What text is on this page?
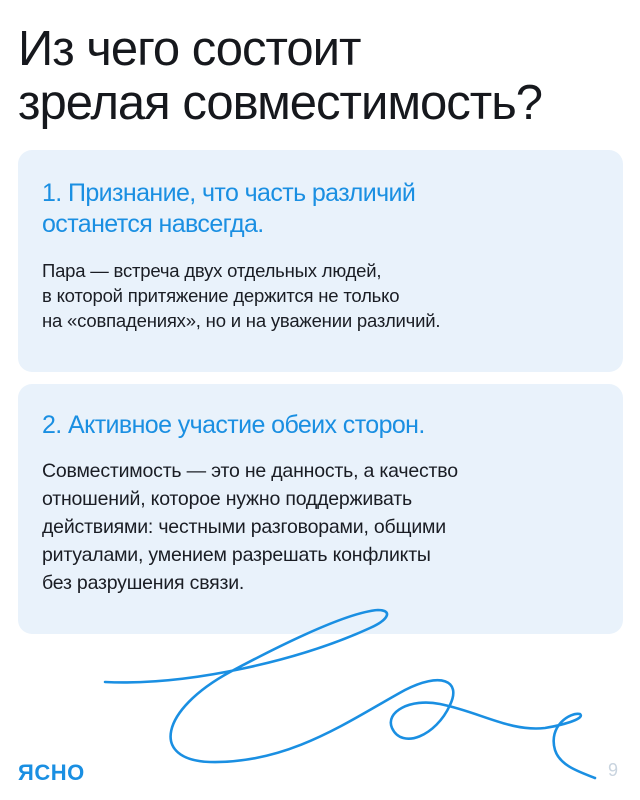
Из чего состоит
зрелая совместимость?
1. Признание, что часть различий
останется навсегда.

Пара — встреча двух отдельных людей,
в которой притяжение держится не только
на «совпадениях», но и на уважении различий.

2. Активное участие обеих сторон.

Совместимость — это не данность, а качество
отношений, которое нужно поддерживать
действиями: честными разговорами, общими
ритуалами, умением разрешать конфликты
без разрушения связи.

ЯСНО	9
